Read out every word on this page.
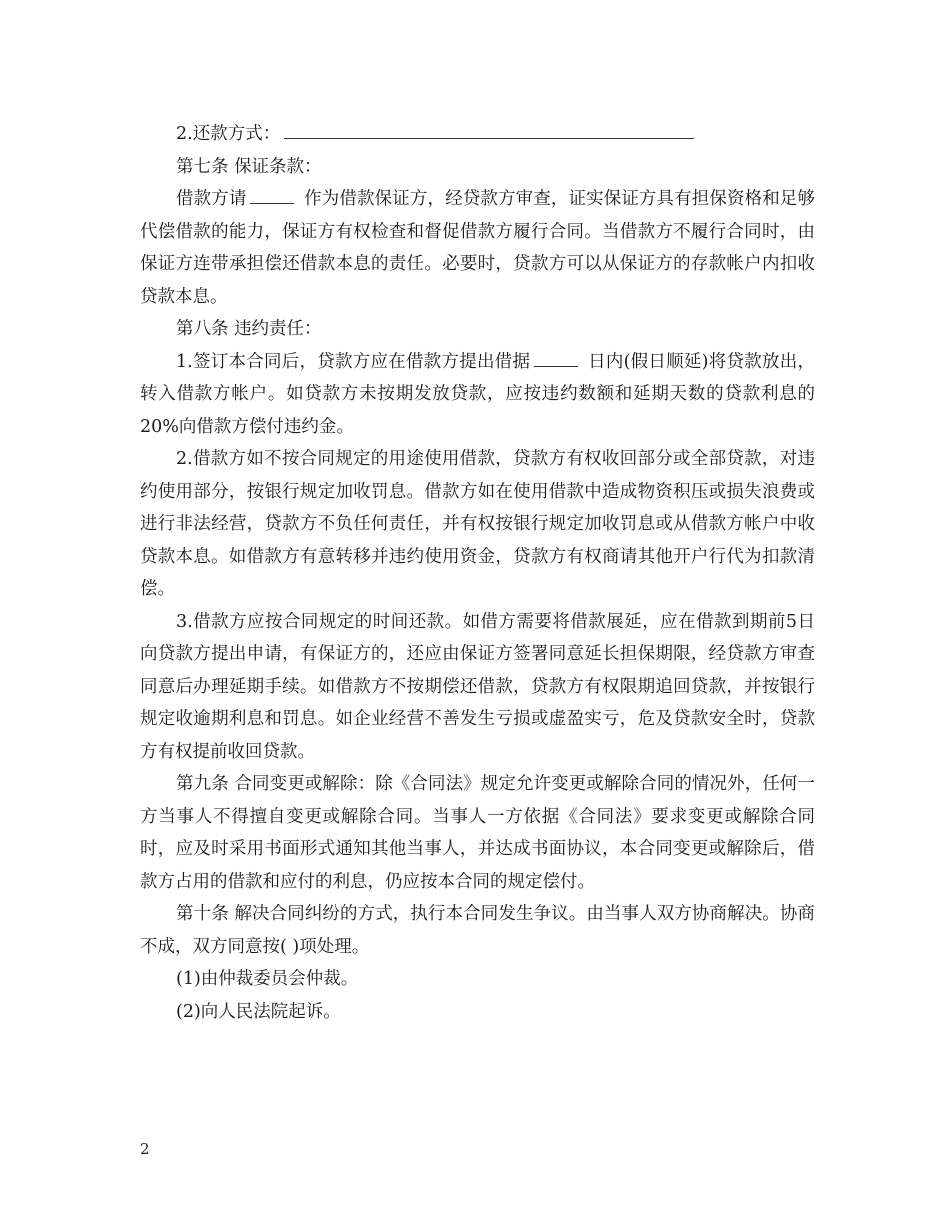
2.还款方式：

第七条 保证条款：

借款方请	作为借款保证方，经贷款方审查，证实保证方具有担保资格和足够代偿借款的能力，保证方有权检查和督促借款方履行合同。当借款方不履行合同时，由保证方连带承担偿还借款本息的责任。必要时，贷款方可以从保证方的存款帐户内扣收贷款本息。

第八条 违约责任：

1.签订本合同后，贷款方应在借款方提出借据	日内(假日顺延)将贷款放出，转入借款方帐户。如贷款方未按期发放贷款，应按违约数额和延期天数的贷款利息的20%向借款方偿付违约金。

2.借款方如不按合同规定的用途使用借款，贷款方有权收回部分或全部贷款，对违约使用部分，按银行规定加收罚息。借款方如在使用借款中造成物资积压或损失浪费或进行非法经营，贷款方不负任何责任，并有权按银行规定加收罚息或从借款方帐户中收贷款本息。如借款方有意转移并违约使用资金，贷款方有权商请其他开户行代为扣款清偿。

3.借款方应按合同规定的时间还款。如借方需要将借款展延，应在借款到期前5日向贷款方提出申请，有保证方的，还应由保证方签署同意延长担保期限，经贷款方审查同意后办理延期手续。如借款方不按期偿还借款，贷款方有权限期追回贷款，并按银行规定收逾期利息和罚息。如企业经营不善发生亏损或虚盈实亏，危及贷款安全时，贷款方有权提前收回贷款。

第九条 合同变更或解除：除《合同法》规定允许变更或解除合同的情况外，任何一方当事人不得擅自变更或解除合同。当事人一方依据《合同法》要求变更或解除合同时，应及时采用书面形式通知其他当事人，并达成书面协议，本合同变更或解除后，借款方占用的借款和应付的利息，仍应按本合同的规定偿付。

第十条 解决合同纠纷的方式，执行本合同发生争议。由当事人双方协商解决。协商不成，双方同意按( )项处理。

(1)由仲裁委员会仲裁。

(2)向人民法院起诉。

2
